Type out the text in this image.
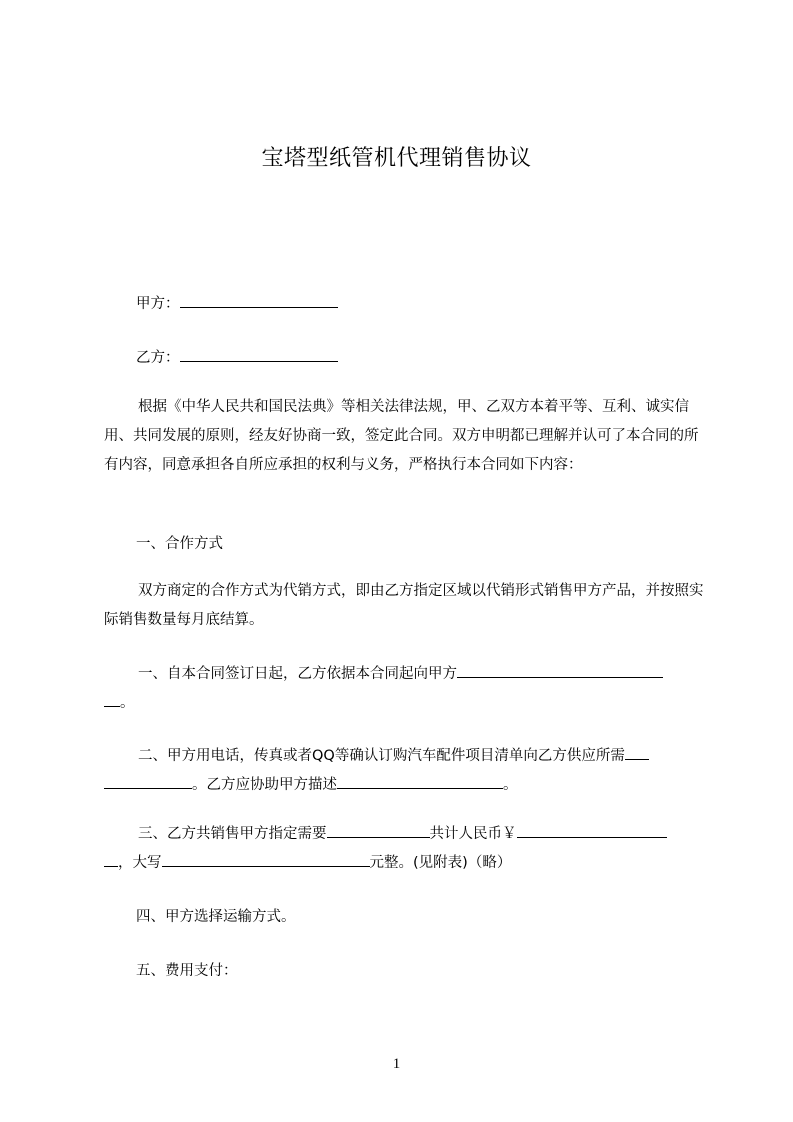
宝塔型纸管机代理销售协议
甲方：
乙方：
根据《中华人民共和国民法典》等相关法律法规，甲、乙双方本着平等、互利、诚实信用、共同发展的原则，经友好协商一致，签定此合同。双方申明都已理解并认可了本合同的所有内容，同意承担各自所应承担的权利与义务，严格执行本合同如下内容：
一、合作方式
双方商定的合作方式为代销方式，即由乙方指定区域以代销形式销售甲方产品，并按照实际销售数量每月底结算。
一、自本合同签订日起，乙方依据本合同起向甲方
。
二、甲方用电话，传真或者QQ等确认订购汽车配件项目清单向乙方供应所需
。乙方应协助甲方描述	。
三、乙方共销售甲方指定需要	共计人民币￥
，大写	元整。(见附表)（略）
四、甲方选择运输方式。
五、费用支付：
1
